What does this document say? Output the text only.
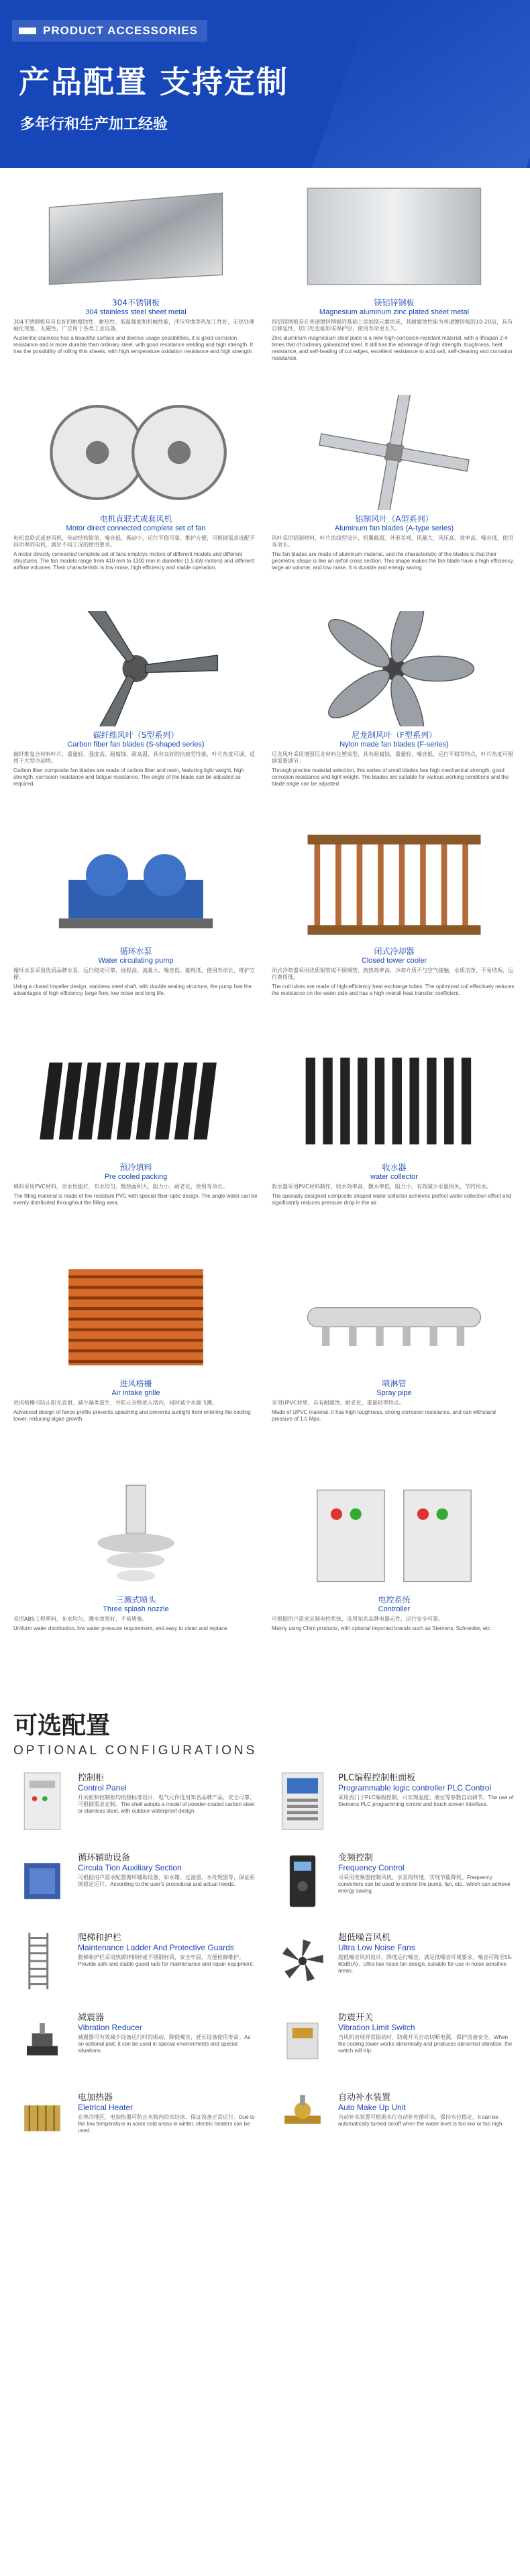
PRODUCT ACCESSORIES
产品配置 支持定制
多年行和生产加工经验
304不锈钢板
304 stainless steel sheet metal
304不锈钢板具有良好的耐腐蚀性、耐热性、低温强度和机械性能，冲压弯曲等热加工性好，无热处理硬化现象，无磁性，广泛用于各类工业设备。
Austenitic stainless has a beautiful surface and diverse usage possibilities, it is good corrosion resistance and is more durable than ordinary steel, with good resistance welding and high strength. It has the possibility of rolling thin sheets, with high temperature oxidation resistance and high strength.
镁铝锌钢板
Magnesium aluminum zinc plated sheet metal
锌铝镁钢板是在普通镀锌钢板的基础上添加镁元素而成，其耐腐蚀性能为普通镀锌板的10-20倍，具有自修复性，切口处也能形成保护层，使用寿命更长久。
Zinc aluminum magnesium steel plate is a new high-corrosion-resistant material, with a lifespan 2-4 times that of ordinary galvanized steel. It still has the advantage of high strength, toughness, heat resistance, and self-healing of cut edges, excellent resistance to acid salt, self-cleaning and corrosion resistance.
电机直联式或套风机
Motor direct connected complete set of fan
电机直联式或套风机，传动结构简单，噪音低、振动小，运行平稳可靠，维护方便，可根据需求选配不同功率的电机，满足不同工况的使用要求。
A motor directly connected complete set of fans employs motors of different models and different structures. The fan models range from 410 mm to 1300 mm in diameter (1.5 kW motors) and different airflow volumes. Their characteristic is low noise, high efficiency and stable operation.
铝制风叶（A型系列）
Aluminum fan blades (A-type series)
风叶采用铝制材料，叶片流线型设计，机翼截面，外形美观，风量大、风压高、效率高、噪音低，使用寿命长。
The fan blades are made of aluminum material, and the characteristic of the blades is that their geometric shape is like an airfoil cross section. This shape makes the fan blade have a high efficiency, large air volume, and low noise. It is durable and energy saving.
碳纤维风叶（S型系列）
Carbon fiber fan blades (S-shaped series)
碳纤维复合材料叶片，重量轻、强度高、耐腐蚀、耐高温，具有良好的抗疲劳性能，叶片角度可调，适用于大型冷却塔。
Carbon fiber composite fan blades are made of carbon fiber and resin, featuring light weight, high strength, corrosion resistance and fatigue resistance. The angle of the blade can be adjusted as required.
尼龙制风叶（F型系列）
Nylon made fan blades (F-series)
尼龙风叶采用增强尼龙材料注塑成型，具有耐腐蚀、重量轻、噪音低、运行平稳等特点，叶片角度可根据需要调节。
Through precise material selection, this series of small blades has high mechanical strength, good corrosion resistance and light weight. The blades are suitable for various working conditions and the blade angle can be adjusted.
循环水泵
Water circulating pump
循环水泵采用优质品牌水泵，运行稳定可靠，扬程高、流量大、噪音低、能耗低，使用寿命长，维护方便。
Using a closed impeller design, stainless steel shaft, with double sealing structure, the pump has the advantages of high efficiency, large flow, low noise and long life.
闭式冷却器
Closed tower cooler
闭式冷却器采用优质铜管或不锈钢管，换热效率高，冷却介质不与空气接触，水质洁净，不易结垢，运行费用低。
The coil tubes are made of high-efficiency heat exchange tubes. The optimized coil effectively reduces the resistance on the water side and has a high overall heat transfer coefficient.
预冷填料
Pre cooled packing
填料采用PVC材料，亲水性能好，布水均匀，散热面积大，阻力小，耐老化，使用寿命长。
The filling material is made of fire-resistant PVC with special fiber-optic design. The angle water can be evenly distributed throughout the filling area.
收水器
water collector
收水器采用PVC材料制作，收水效率高，飘水率低，阻力小，有效减少水量损失，节约用水。
The specially designed composite shaped water collector achieves perfect water collection effect and significantly reduces pressure drop in the air.
进风格栅
Air intake grille
进风格栅可防止阳光直射，减少藻类滋生，并防止杂物进入塔内，同时减少水滴飞溅。
Advanced design of fence profile prevents splashing and prevents sunlight from entering the cooling tower, reducing algae growth.
喷淋管
Spray pipe
采用UPVC材质，具有耐腐蚀、耐老化、重量轻等特点。
Made of UPVC material. It has high toughness, strong corrosion resistance, and can withstand pressure of 1.0 Mpa.
三溅式喷头
Three splash nozzle
采用ABS工程塑料，布水均匀，溅水效果好，不易堵塞。
Uniform water distribution, low water pressure requirement, and easy to clean and replace.
电控系统
Controller
可根据用户需求定制电控系统，选用知名品牌电器元件，运行安全可靠。
Mainly using Chint products, with optional imported brands such as Siemens, Schneider, etc.
可选配置
OPTIONAL CONFIGURATIONS
控制柜
Control Panel
开关柜和控制柜均按照标准设计，电气元件选用知名品牌产品，安全可靠，可根据需求定制。The shell adopts a model of powder-coated carbon steel or stainless steel, with outdoor waterproof design.
PLC编程控制柜面板
Programmable logic controller PLC Control
采用西门子PLC编程控制，可实现温度、液位等参数自动调节。The use of Siemens PLC programming control and touch screen interface.
循环辅助设备
Circula Tion Auxiliary Section
可根据用户需求配置循环辅助设备，如水箱、过滤器、水处理器等，保证系统稳定运行。According to the user's procedural and actual needs.
变频控制
Frequency Control
可采用变频器控制风机、水泵的转速，实现节能降耗。Frequency converters can be used to control the pump, fan, etc., which can achieve energy saving.
爬梯和护栏
Maintenance Ladder And Protective Guards
爬梯和护栏采用热镀锌钢材或不锈钢材质，安全牢固，方便检修维护。Provide safe and stable guard rails for maintenance and repair equipment.
超低噪音风机
Ultra Low Noise Fans
超低噪音风机设计，降低运行噪音，满足低噪音环境要求，噪音可降至55-60dB(A)。Ultra low noise fan design, suitable for use in noise sensitive areas.
减震器
Vibration Reducer
减震器可有效减少设备运行时的振动，降低噪音，延长设备使用寿命。As an optional part, it can be used in special environments and special situations.
防震开关
Vibration Limit Switch
当风机出现异常振动时，防震开关自动切断电源，保护设备安全。When the cooling tower works abnormally and produces abnormal vibration, the switch will trip.
电加热器
Eletrical Heater
在寒冷地区，电加热器可防止水箱内的水结冰，保证设备正常运行。Due to the low temperature in some cold areas in winter, electric heaters can be used.
自动补水装置
Auto Make Up Unit
自动补水装置可根据水位自动补充循环水，保持水位稳定。It can be automatically turned on/off when the water level is too low or too high.
